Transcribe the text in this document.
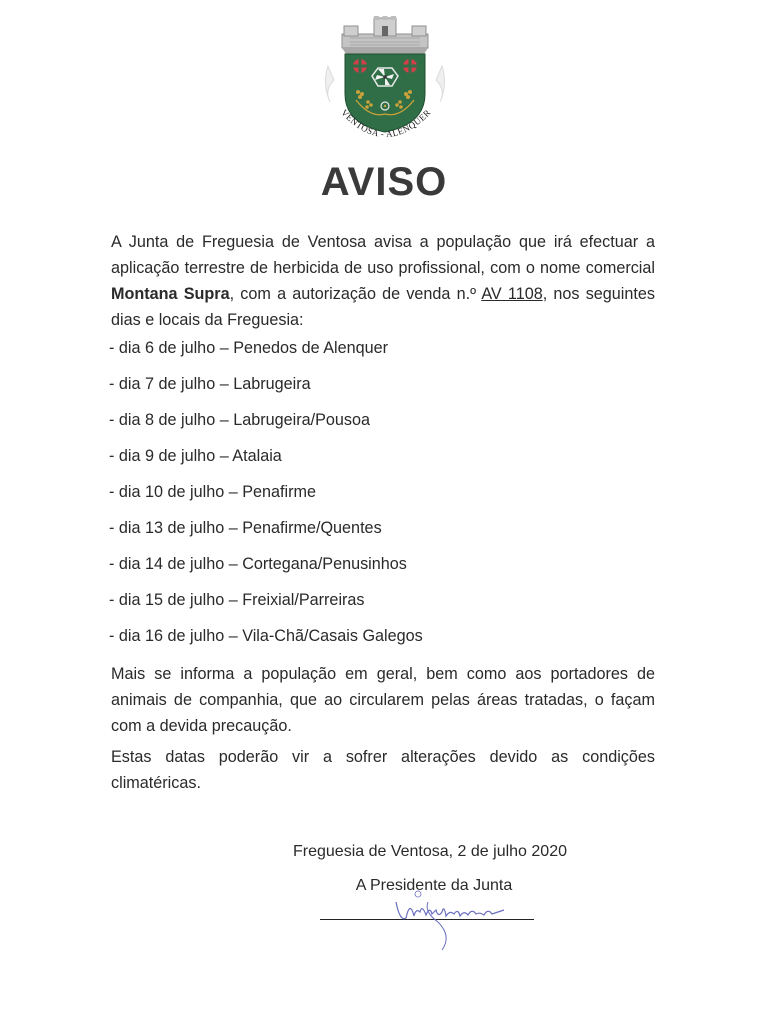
VENTOSA - ALENQUER
AVISO
A Junta de Freguesia de Ventosa avisa a população que irá efectuar a aplicação terrestre de herbicida de uso profissional, com o nome comercial Montana Supra, com a autorização de venda n.º AV 1108, nos seguintes dias e locais da Freguesia:
- dia 6 de julho – Penedos de Alenquer
- dia 7 de julho – Labrugeira
- dia 8 de julho – Labrugeira/Pousoa
- dia 9 de julho – Atalaia
- dia 10 de julho – Penafirme
- dia 13 de julho – Penafirme/Quentes
- dia 14 de julho – Cortegana/Penusinhos
- dia 15 de julho – Freixial/Parreiras
- dia 16 de julho – Vila-Chã/Casais Galegos
Mais se informa a população em geral, bem como aos portadores de animais de companhia, que ao circularem pelas áreas tratadas, o façam com a devida precaução.
Estas datas poderão vir a sofrer alterações devido as condições climatéricas.
Freguesia de Ventosa, 2 de julho 2020
A Presidente da Junta
